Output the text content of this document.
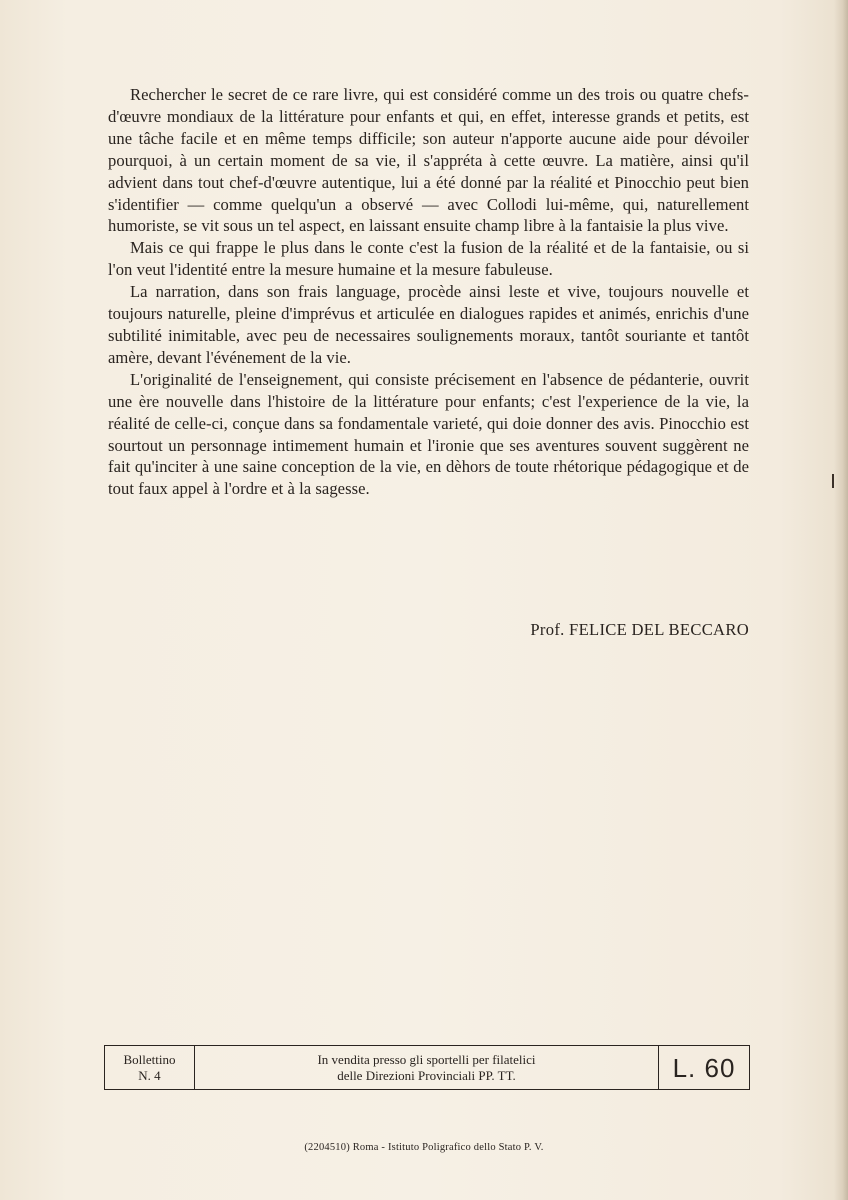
Rechercher le secret de ce rare livre, qui est considéré comme un des trois ou quatre chefs-d'œuvre mondiaux de la littérature pour enfants et qui, en effet, interesse grands et petits, est une tâche facile et en même temps difficile; son auteur n'apporte aucune aide pour dévoiler pourquoi, à un certain moment de sa vie, il s'appréta à cette œuvre. La matière, ainsi qu'il advient dans tout chef-d'œuvre autentique, lui a été donné par la réalité et Pinocchio peut bien s'identifier — comme quelqu'un a observé — avec Collodi lui-même, qui, naturellement humoriste, se vit sous un tel aspect, en laissant ensuite champ libre à la fantaisie la plus vive.

Mais ce qui frappe le plus dans le conte c'est la fusion de la réalité et de la fantaisie, ou si l'on veut l'identité entre la mesure humaine et la mesure fabuleuse.

La narration, dans son frais language, procède ainsi leste et vive, toujours nouvelle et toujours naturelle, pleine d'imprévus et articulée en dialogues rapides et animés, enrichis d'une subtilité inimitable, avec peu de necessaires soulignements moraux, tantôt souriante et tantôt amère, devant l'événement de la vie.

L'originalité de l'enseignement, qui consiste précisement en l'absence de pédanterie, ouvrit une ère nouvelle dans l'histoire de la littérature pour enfants; c'est l'experience de la vie, la réalité de celle-ci, conçue dans sa fondamentale varieté, qui doie donner des avis. Pinocchio est sourtout un personnage intimement humain et l'ironie que ses aventures souvent suggèrent ne fait qu'inciter à une saine conception de la vie, en dèhors de toute rhétorique pédagogique et de tout faux appel à l'ordre et à la sagesse.

Prof. FELICE DEL BECCARO
Bollettino
N. 4
In vendita presso gli sportelli per filatelici
delle Direzioni Provinciali PP. TT.	L. 60
(2204510) Roma - Istituto Poligrafico dello Stato P. V.
